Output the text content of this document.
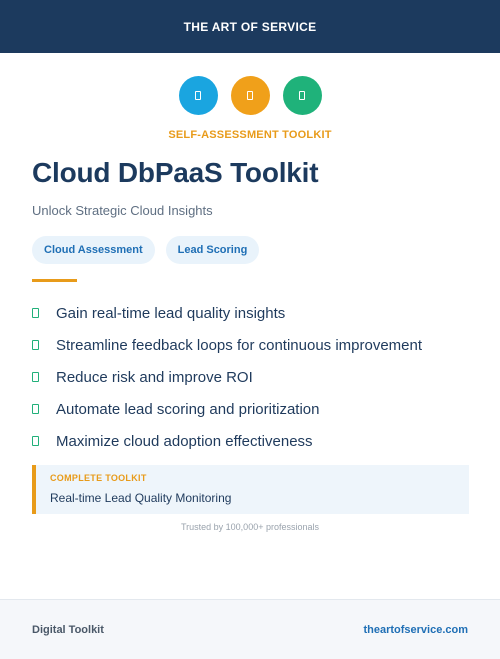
THE ART OF SERVICE
SELF-ASSESSMENT TOOLKIT
Cloud DbPaaS Toolkit
Unlock Strategic Cloud Insights
Cloud Assessment	Lead Scoring
Gain real-time lead quality insights
Streamline feedback loops for continuous improvement
Reduce risk and improve ROI
Automate lead scoring and prioritization
Maximize cloud adoption effectiveness
COMPLETE TOOLKIT
Real-time Lead Quality Monitoring
Trusted by 100,000+ professionals
Digital Toolkit	theartofservice.com
